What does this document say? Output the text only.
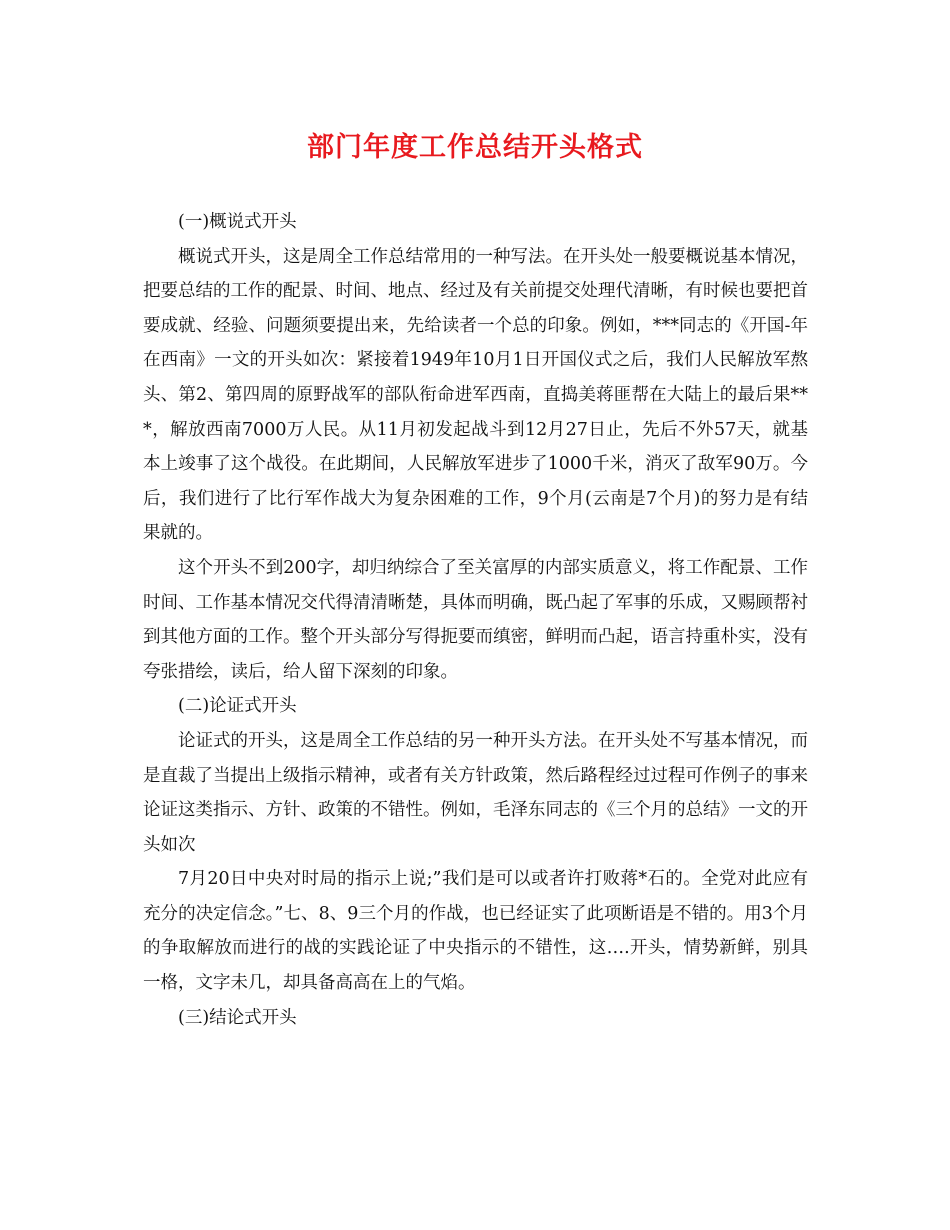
部门年度工作总结开头格式

(一)概说式开头

概说式开头，这是周全工作总结常用的一种写法。在开头处一般要概说基本情况，把要总结的工作的配景、时间、地点、经过及有关前提交处理代清晰，有时候也要把首要成就、经验、问题须要提出来，先给读者一个总的印象。例如，***同志的《开国-年在西南》一文的开头如次：紧接着1949年10月1日开国仪式之后，我们人民解放军熬头、第2、第四周的原野战军的部队衔命进军西南，直捣美蒋匪帮在大陆上的最后果***，解放西南7000万人民。从11月初发起战斗到12月27日止，先后不外57天，就基本上竣事了这个战役。在此期间，人民解放军进步了1000千米，消灭了敌军90万。今后，我们进行了比行军作战大为复杂困难的工作，9个月(云南是7个月)的努力是有结果就的。

这个开头不到200字，却归纳综合了至关富厚的内部实质意义，将工作配景、工作时间、工作基本情况交代得清清晰楚，具体而明确，既凸起了军事的乐成，又赐顾帮衬到其他方面的工作。整个开头部分写得扼要而缜密，鲜明而凸起，语言持重朴实，没有夸张措绘，读后，给人留下深刻的印象。

(二)论证式开头

论证式的开头，这是周全工作总结的另一种开头方法。在开头处不写基本情况，而是直裁了当提出上级指示精神，或者有关方针政策，然后路程经过过程可作例子的事来论证这类指示、方针、政策的不错性。例如，毛泽东同志的《三个月的总结》一文的开头如次

7月20日中央对时局的指示上说;”我们是可以或者许打败蒋*石的。全党对此应有充分的决定信念。”七、8、9三个月的作战，也已经证实了此项断语是不错的。用3个月的争取解放而进行的战的实践论证了中央指示的不错性，这….开头，情势新鲜，别具一格，文字未几，却具备高高在上的气焰。

(三)结论式开头
